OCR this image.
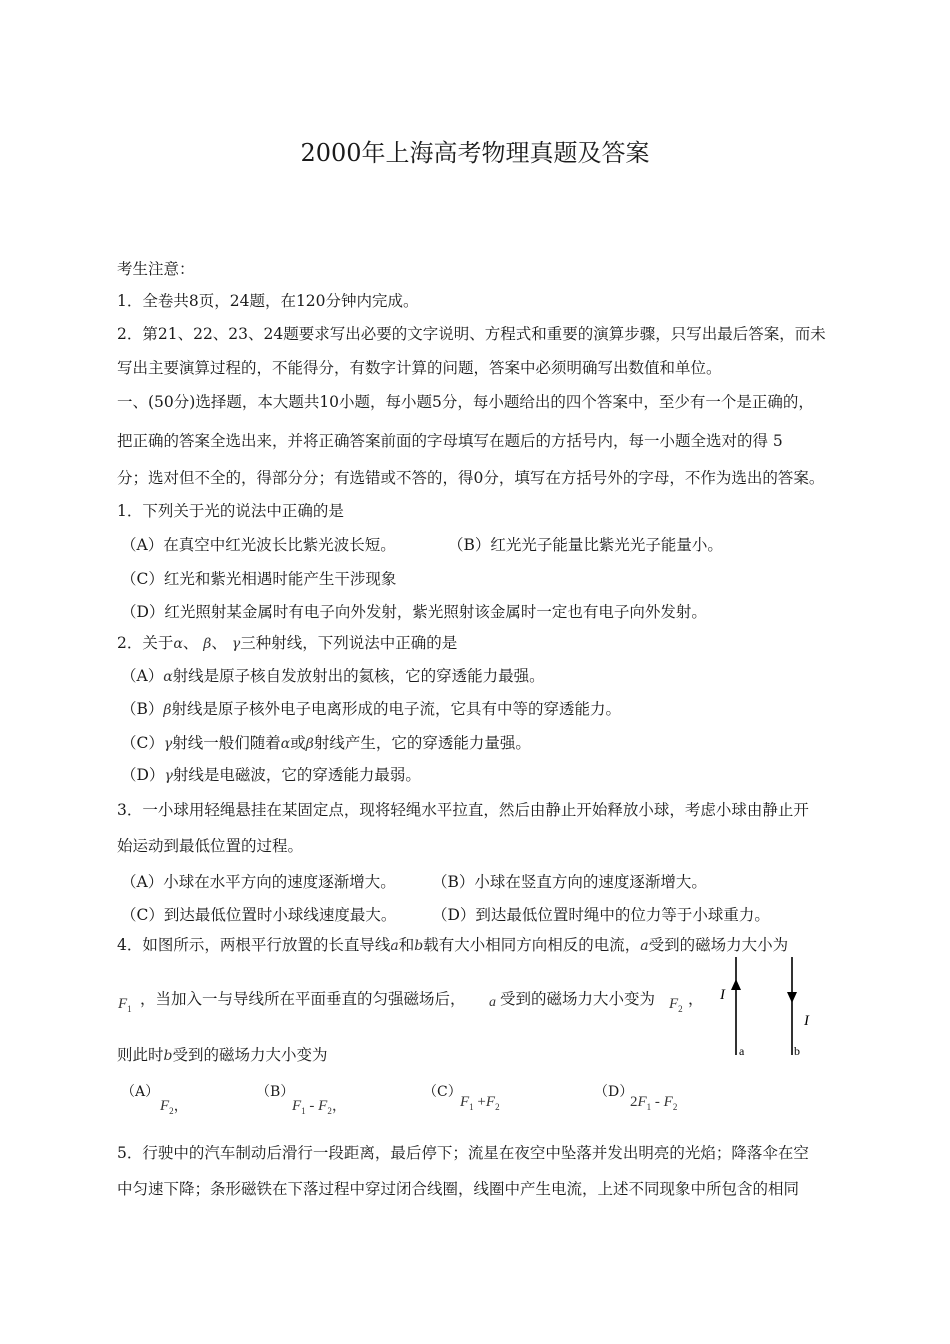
2000年上海高考物理真题及答案
考生注意：
1．全卷共8页，24题，在120分钟内完成。
2．第21、22、23、24题要求写出必要的文字说明、方程式和重要的演算步骤，只写出最后答案，而未
写出主要演算过程的，不能得分，有数字计算的问题，答案中必须明确写出数值和单位。
一、(50分)选择题，本大题共10小题，每小题5分，每小题给出的四个答案中，至少有一个是正确的，
把正确的答案全选出来，并将正确答案前面的字母填写在题后的方括号内，每一小题全选对的得 5
分；选对但不全的，得部分分；有选错或不答的，得0分，填写在方括号外的字母，不作为选出的答案。
1．下列关于光的说法中正确的是
（A）在真空中红光波长比紫光波长短。	（B）红光光子能量比紫光光子能量小。
（C）红光和紫光相遇时能产生干涉现象
（D）红光照射某金属时有电子向外发射，紫光照射该金属时一定也有电子向外发射。
2．关于α、 β、 γ三种射线，下列说法中正确的是
（A）α射线是原子核自发放射出的氦核，它的穿透能力最强。
（B）β射线是原子核外电子电离形成的电子流，它具有中等的穿透能力。
（C）γ射线一般们随着α或β射线产生，它的穿透能力量强。
（D）γ射线是电磁波，它的穿透能力最弱。
3．一小球用轻绳悬挂在某固定点，现将轻绳水平拉直，然后由静止开始释放小球，考虑小球由静止开
始运动到最低位置的过程。
（A）小球在水平方向的速度逐渐增大。 （B）小球在竖直方向的速度逐渐增大。
（C）到达最低位置时小球线速度最大。 （D）到达最低位置时绳中的位力等于小球重力。
4．如图所示，两根平行放置的长直导线a和b载有大小相同方向相反的电流，a受到的磁场力大小为
$F_1$
，当加入一与导线所在平面垂直的匀强磁场后， a 受到的磁场力大小变为 $F_2$
，
则此时b受到的磁场力大小变为
I
I
a	b
（A）
$F_2$，
（B）
$F_1 - F_2$，
（C）
$F_1 +F_2$
（D）
$2F_1 - F_2$
5．行驶中的汽车制动后滑行一段距离，最后停下；流星在夜空中坠落并发出明亮的光焰；降落伞在空
中匀速下降；条形磁铁在下落过程中穿过闭合线圈，线圈中产生电流，上述不同现象中所包含的相同
